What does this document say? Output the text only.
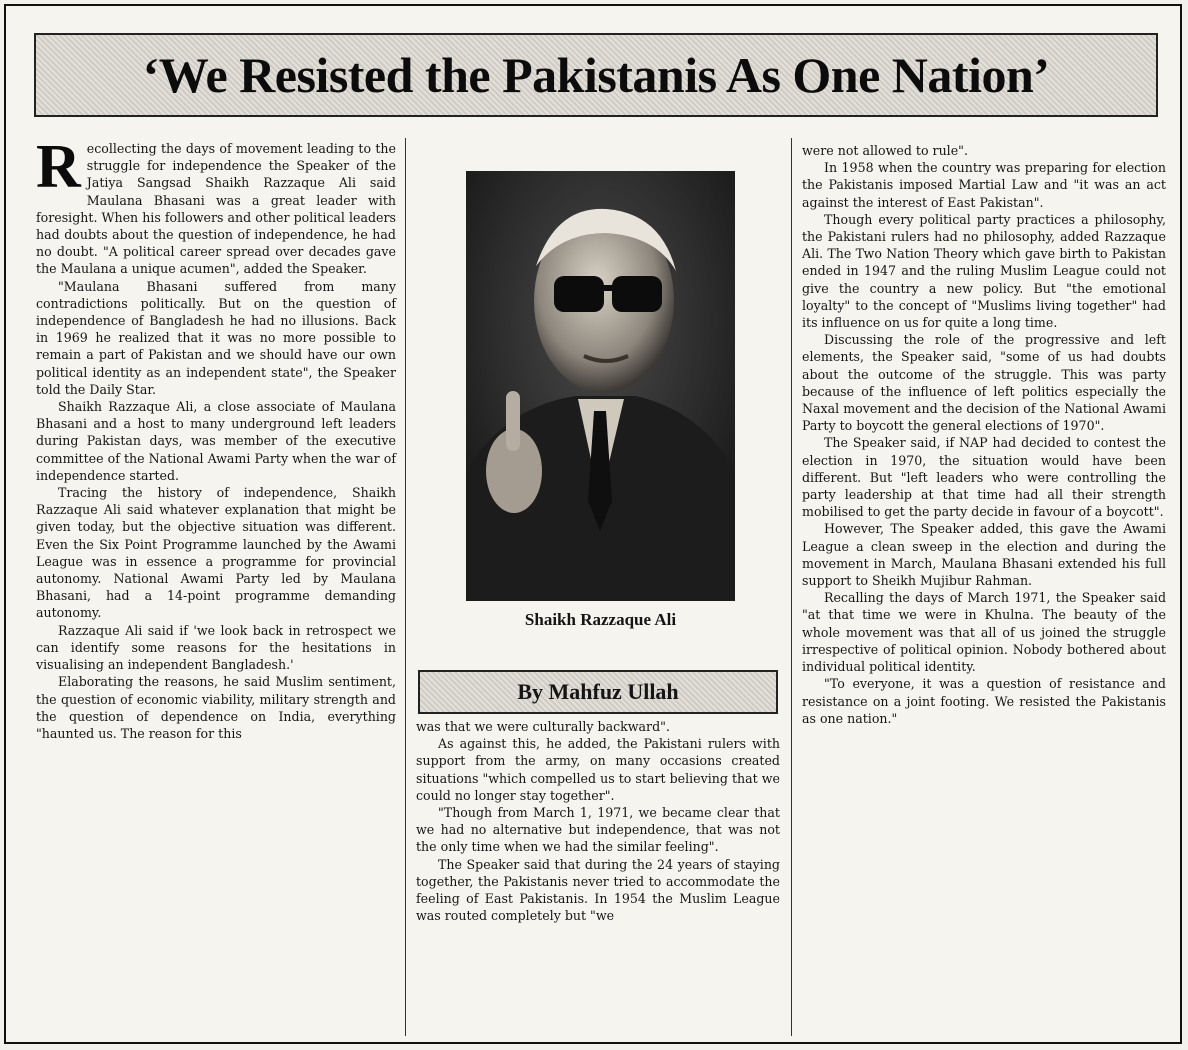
‘We Resisted the Pakistanis As One Nation’

Recollecting the days of movement leading to the struggle for independence the Speaker of the Jatiya Sangsad Shaikh Razzaque Ali said Maulana Bhasani was a great leader with foresight. When his followers and other political leaders had doubts about the question of independence, he had no doubt. "A political career spread over decades gave the Maulana a unique acumen", added the Speaker.

"Maulana Bhasani suffered from many contradictions politically. But on the question of independence of Bangladesh he had no illusions. Back in 1969 he realized that it was no more possible to remain a part of Pakistan and we should have our own political identity as an independent state", the Speaker told the Daily Star.

Shaikh Razzaque Ali, a close associate of Maulana Bhasani and a host to many underground left leaders during Pakistan days, was member of the executive committee of the National Awami Party when the war of independence started.

Tracing the history of independence, Shaikh Razzaque Ali said whatever explanation that might be given today, but the objective situation was different. Even the Six Point Programme launched by the Awami League was in essence a programme for provincial autonomy. National Awami Party led by Maulana Bhasani, had a 14-point programme demanding autonomy.

Razzaque Ali said if 'we look back in retrospect we can identify some reasons for the hesitations in visualising an independent Bangladesh.'

Elaborating the reasons, he said Muslim sentiment, the question of economic viability, military strength and the question of dependence on India, everything "haunted us. The reason for this

Shaikh Razzaque Ali
By Mahfuz Ullah

was that we were culturally backward".

As against this, he added, the Pakistani rulers with support from the army, on many occasions created situations "which compelled us to start believing that we could no longer stay together".

"Though from March 1, 1971, we became clear that we had no alternative but independence, that was not the only time when we had the similar feeling".

The Speaker said that during the 24 years of staying together, the Pakistanis never tried to accommodate the feeling of East Pakistanis. In 1954 the Muslim League was routed completely but "we

were not allowed to rule".

In 1958 when the country was preparing for election the Pakistanis imposed Martial Law and "it was an act against the interest of East Pakistan".

Though every political party practices a philosophy, the Pakistani rulers had no philosophy, added Razzaque Ali. The Two Nation Theory which gave birth to Pakistan ended in 1947 and the ruling Muslim League could not give the country a new policy. But "the emotional loyalty" to the concept of "Muslims living together" had its influence on us for quite a long time.

Discussing the role of the progressive and left elements, the Speaker said, "some of us had doubts about the outcome of the struggle. This was party because of the influence of left politics especially the Naxal movement and the decision of the National Awami Party to boycott the general elections of 1970".

The Speaker said, if NAP had decided to contest the election in 1970, the situation would have been different. But "left leaders who were controlling the party leadership at that time had all their strength mobilised to get the party decide in favour of a boycott".

However, The Speaker added, this gave the Awami League a clean sweep in the election and during the movement in March, Maulana Bhasani extended his full support to Sheikh Mujibur Rahman.

Recalling the days of March 1971, the Speaker said "at that time we were in Khulna. The beauty of the whole movement was that all of us joined the struggle irrespective of political opinion. Nobody bothered about individual political identity.

"To everyone, it was a question of resistance and resistance on a joint footing. We resisted the Pakistanis as one nation."
